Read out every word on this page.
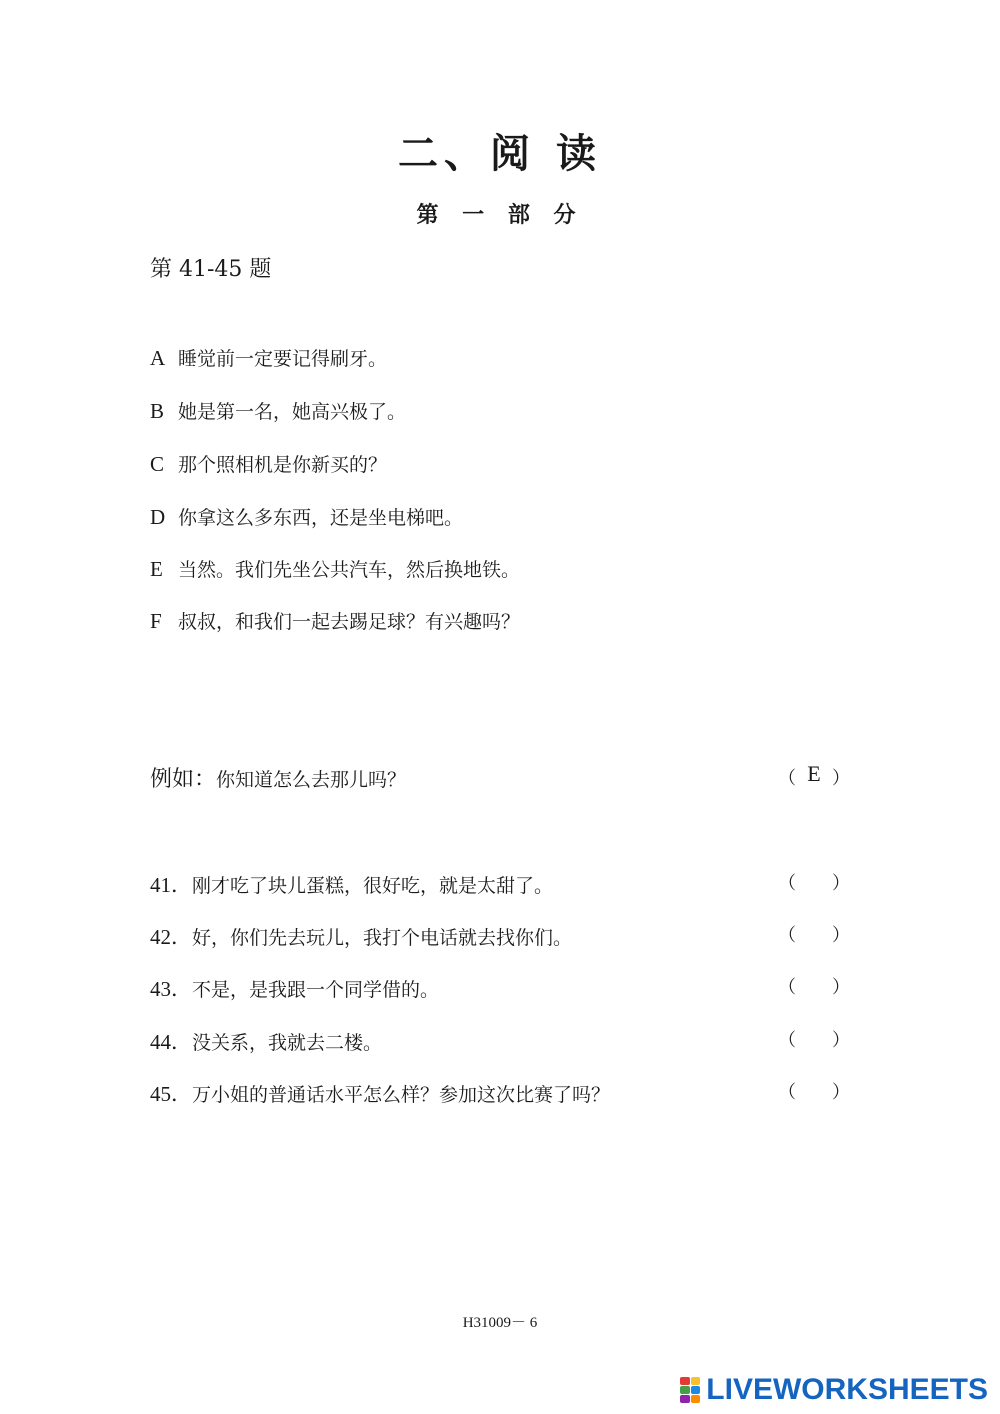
二、阅 读
第 一 部 分
第 41-45 题
A 睡觉前一定要记得刷牙。
B 她是第一名，她高兴极了。
C 那个照相机是你新买的？
D 你拿这么多东西，还是坐电梯吧。
E 当然。我们先坐公共汽车，然后换地铁。
F 叔叔，和我们一起去踢足球？有兴趣吗？
例如：你知道怎么去那儿吗？	（ E ）
41．刚才吃了块儿蛋糕，很好吃，就是太甜了。	（ ）
42．好，你们先去玩儿，我打个电话就去找你们。	（ ）
43．不是，是我跟一个同学借的。	（ ）
44．没关系，我就去二楼。	（ ）
45．万小姐的普通话水平怎么样？参加这次比赛了吗？	（ ）
H31009－ 6
LIVEWORKSHEETS
